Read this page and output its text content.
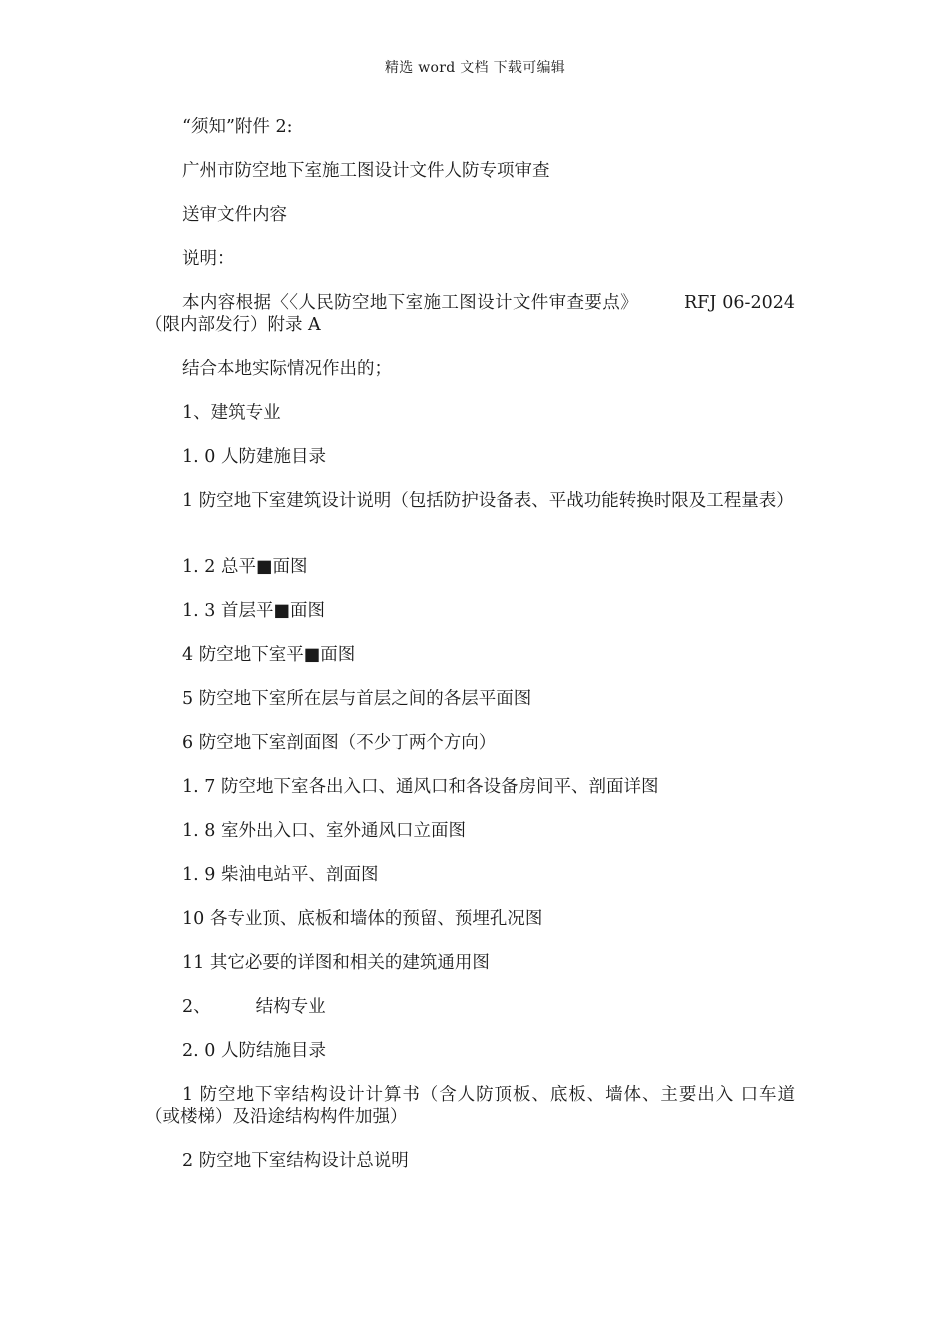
精选 word 文档 下载可编辑
“须知”附件 2:
广州市防空地下室施工图设计文件人防专项审查
送审文件内容
说明：
本内容根据〈〈人民防空地下室施工图设计文件审查要点》	RFJ 06-2024 （限内部发行）附录 A
结合本地实际情况作出的；
1、建筑专业
1. 0 人防建施目录
1 防空地下室建筑设计说明（包括防护设备表、平战功能转换时限及工程量表）
1. 2 总平■面图
1. 3 首层平■面图
4 防空地下室平■面图
5 防空地下室所在层与首层之间的各层平面图
6 防空地下室剖面图（不少丁两个方向）
1. 7 防空地下室各出入口、通风口和各设备房间平、剖面详图
1. 8 室外出入口、室外通风口立面图
1. 9 柴油电站平、剖面图
10 各专业顶、底板和墙体的预留、预埋孔况图
11 其它必要的详图和相关的建筑通用图
2、	结构专业
2. 0 人防结施目录
1 防空地下宰结构设计计算书（含人防顶板、底板、墙体、主要出入 口车道（或楼梯）及沿途结构构件加强）
2 防空地下室结构设计总说明
